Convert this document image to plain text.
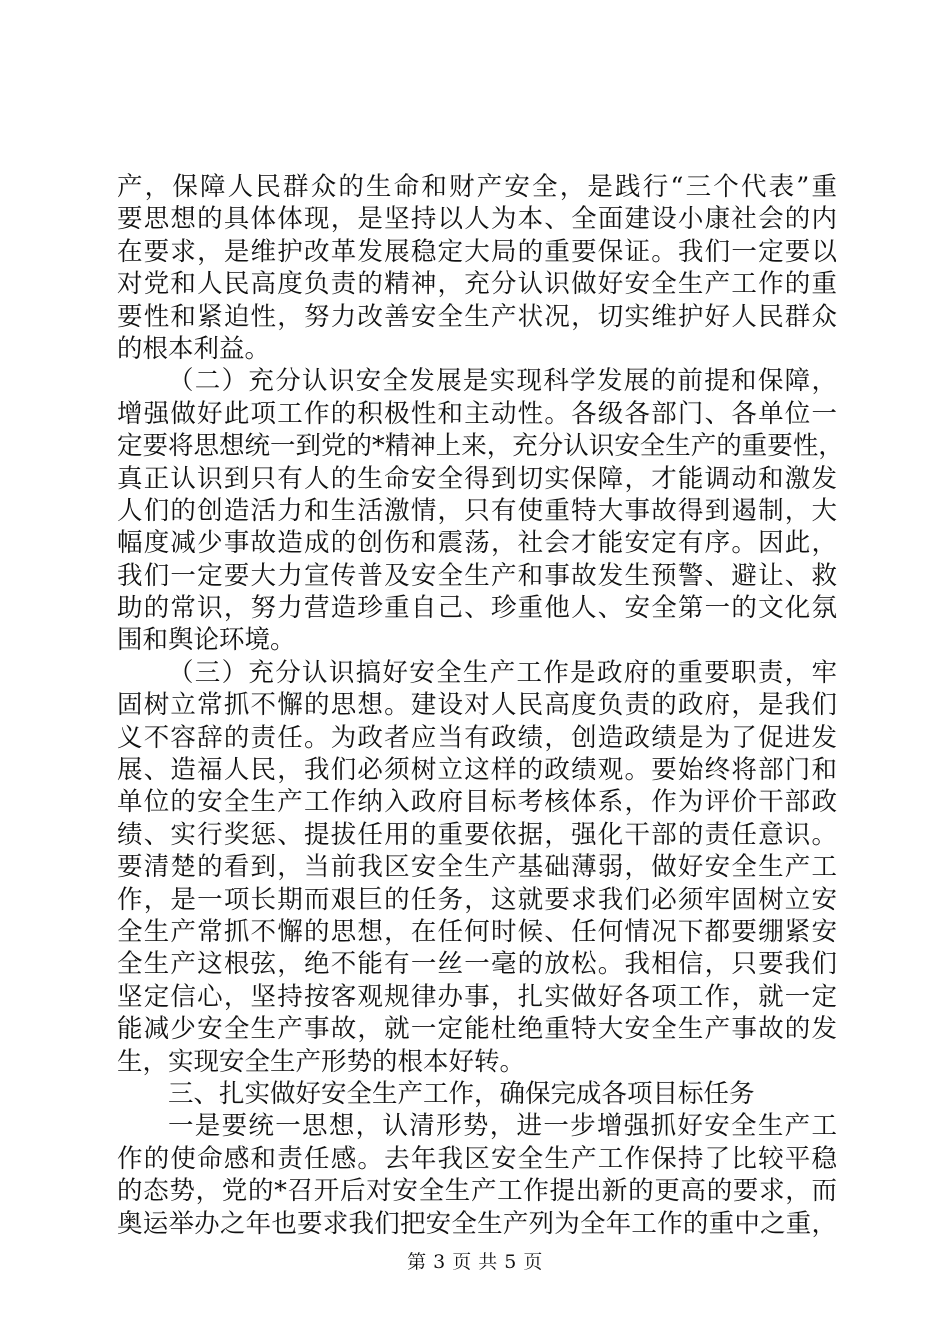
产，保障人民群众的生命和财产安全，是践行“三个代表”重
要思想的具体体现，是坚持以人为本、全面建设小康社会的内
在要求，是维护改革发展稳定大局的重要保证。我们一定要以
对党和人民高度负责的精神，充分认识做好安全生产工作的重
要性和紧迫性，努力改善安全生产状况，切实维护好人民群众
的根本利益。
（二）充分认识安全发展是实现科学发展的前提和保障，
增强做好此项工作的积极性和主动性。各级各部门、各单位一
定要将思想统一到党的*精神上来，充分认识安全生产的重要性，
真正认识到只有人的生命安全得到切实保障，才能调动和激发
人们的创造活力和生活激情，只有使重特大事故得到遏制，大
幅度减少事故造成的创伤和震荡，社会才能安定有序。因此，
我们一定要大力宣传普及安全生产和事故发生预警、避让、救
助的常识，努力营造珍重自己、珍重他人、安全第一的文化氛
围和舆论环境。
（三）充分认识搞好安全生产工作是政府的重要职责，牢
固树立常抓不懈的思想。建设对人民高度负责的政府，是我们
义不容辞的责任。为政者应当有政绩，创造政绩是为了促进发
展、造福人民，我们必须树立这样的政绩观。要始终将部门和
单位的安全生产工作纳入政府目标考核体系，作为评价干部政
绩、实行奖惩、提拔任用的重要依据，强化干部的责任意识。
要清楚的看到，当前我区安全生产基础薄弱，做好安全生产工
作，是一项长期而艰巨的任务，这就要求我们必须牢固树立安
全生产常抓不懈的思想，在任何时候、任何情况下都要绷紧安
全生产这根弦，绝不能有一丝一毫的放松。我相信，只要我们
坚定信心，坚持按客观规律办事，扎实做好各项工作，就一定
能减少安全生产事故，就一定能杜绝重特大安全生产事故的发
生，实现安全生产形势的根本好转。
三、扎实做好安全生产工作，确保完成各项目标任务
一是要统一思想，认清形势，进一步增强抓好安全生产工
作的使命感和责任感。去年我区安全生产工作保持了比较平稳
的态势，党的*召开后对安全生产工作提出新的更高的要求，而
奥运举办之年也要求我们把安全生产列为全年工作的重中之重，
第 3 页 共 5 页
